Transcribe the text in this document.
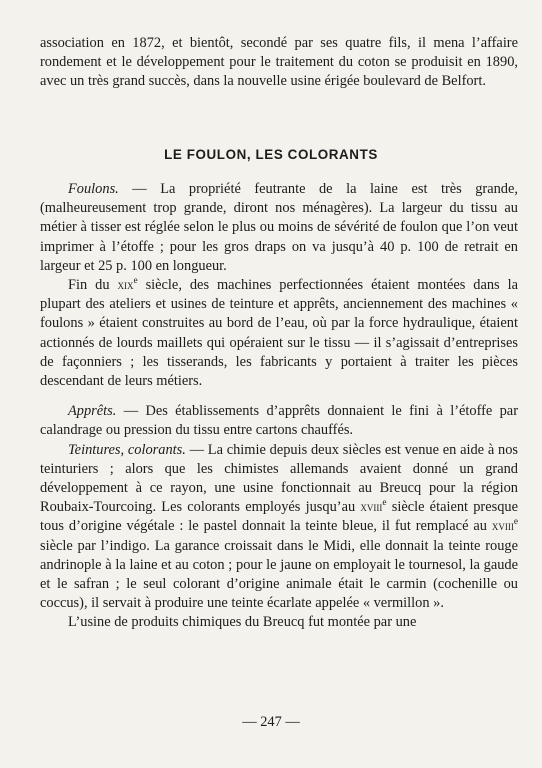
association en 1872, et bientôt, secondé par ses quatre fils, il mena l’affaire rondement et le développement pour le traitement du coton se produisit en 1890, avec un très grand succès, dans la nouvelle usine érigée boulevard de Belfort.

LE FOULON, LES COLORANTS

Foulons. — La propriété feutrante de la laine est très grande, (malheureusement trop grande, diront nos ménagères). La largeur du tissu au métier à tisser est réglée selon le plus ou moins de sévérité de foulon que l’on veut imprimer à l’étoffe ; pour les gros draps on va jusqu’à 40 p. 100 de retrait en largeur et 25 p. 100 en longueur.

Fin du xix$^e$ siècle, des machines perfectionnées étaient montées dans la plupart des ateliers et usines de teinture et apprêts, anciennement des machines « foulons » étaient construites au bord de l’eau, où par la force hydraulique, étaient actionnés de lourds maillets qui opéraient sur le tissu — il s’agissait d’entreprises de façonniers ; les tisserands, les fabricants y portaient à traiter les pièces descendant de leurs métiers.

Apprêts. — Des établissements d’apprêts donnaient le fini à l’étoffe par calandrage ou pression du tissu entre cartons chauffés.

Teintures, colorants. — La chimie depuis deux siècles est venue en aide à nos teinturiers ; alors que les chimistes allemands avaient donné un grand développement à ce rayon, une usine fonctionnait au Breucq pour la région Roubaix-Tourcoing. Les colorants employés jusqu’au xviii$^e$ siècle étaient presque tous d’origine végétale : le pastel donnait la teinte bleue, il fut remplacé au xviii$^e$ siècle par l’indigo. La garance croissait dans le Midi, elle donnait la teinte rouge andrinople à la laine et au coton ; pour le jaune on employait le tournesol, la gaude et le safran ; le seul colorant d’origine animale était le carmin (cochenille ou coccus), il servait à produire une teinte écarlate appelée « vermillon ».

L’usine de produits chimiques du Breucq fut montée par une

— 247 —
